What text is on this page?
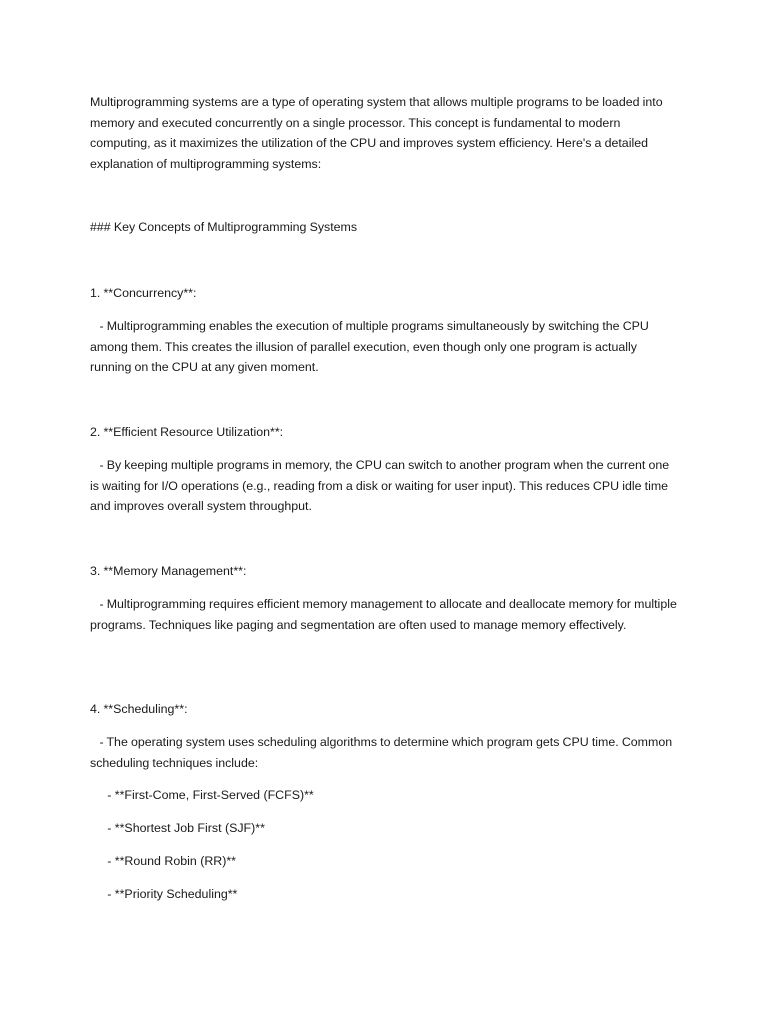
Multiprogramming systems are a type of operating system that allows multiple programs to be loaded into memory and executed concurrently on a single processor. This concept is fundamental to modern computing, as it maximizes the utilization of the CPU and improves system efficiency. Here's a detailed explanation of multiprogramming systems:

### Key Concepts of Multiprogramming Systems

1. **Concurrency**:

- Multiprogramming enables the execution of multiple programs simultaneously by switching the CPU among them. This creates the illusion of parallel execution, even though only one program is actually running on the CPU at any given moment.

2. **Efficient Resource Utilization**:

- By keeping multiple programs in memory, the CPU can switch to another program when the current one is waiting for I/O operations (e.g., reading from a disk or waiting for user input). This reduces CPU idle time and improves overall system throughput.

3. **Memory Management**:

- Multiprogramming requires efficient memory management to allocate and deallocate memory for multiple programs. Techniques like paging and segmentation are often used to manage memory effectively.

4. **Scheduling**:

- The operating system uses scheduling algorithms to determine which program gets CPU time. Common scheduling techniques include:

- **First-Come, First-Served (FCFS)**

- **Shortest Job First (SJF)**

- **Round Robin (RR)**

- **Priority Scheduling**
